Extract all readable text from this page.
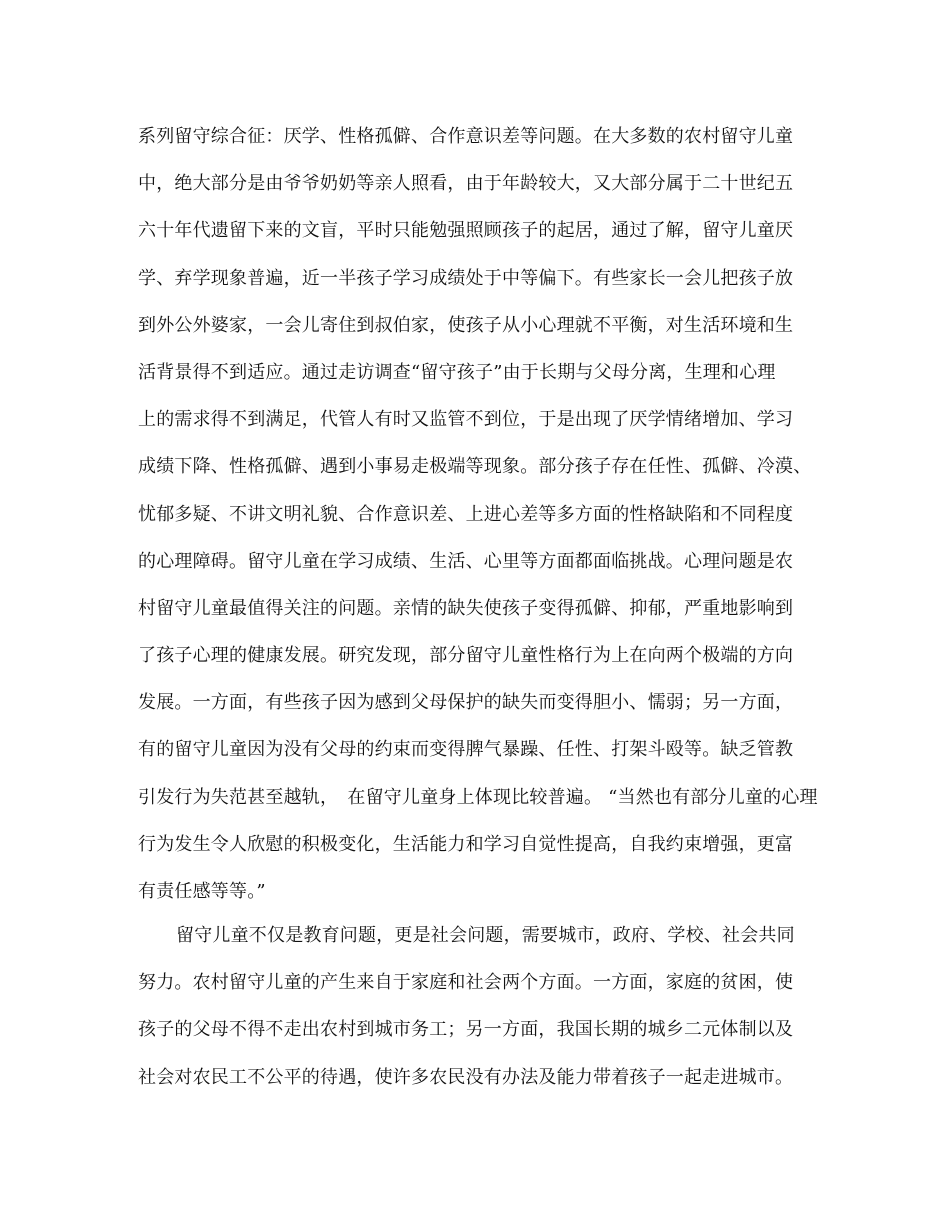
系列留守综合征：厌学、性格孤僻、合作意识差等问题。在大多数的农村留守儿童
中，绝大部分是由爷爷奶奶等亲人照看，由于年龄较大，又大部分属于二十世纪五
六十年代遗留下来的文盲，平时只能勉强照顾孩子的起居，通过了解，留守儿童厌
学、弃学现象普遍，近一半孩子学习成绩处于中等偏下。有些家长一会儿把孩子放
到外公外婆家，一会儿寄住到叔伯家，使孩子从小心理就不平衡，对生活环境和生
活背景得不到适应。通过走访调查“留守孩子”由于长期与父母分离，生理和心理
上的需求得不到满足，代管人有时又监管不到位，于是出现了厌学情绪增加、学习
成绩下降、性格孤僻、遇到小事易走极端等现象。部分孩子存在任性、孤僻、冷漠、
忧郁多疑、不讲文明礼貌、合作意识差、上进心差等多方面的性格缺陷和不同程度
的心理障碍。留守儿童在学习成绩、生活、心里等方面都面临挑战。心理问题是农
村留守儿童最值得关注的问题。亲情的缺失使孩子变得孤僻、抑郁，严重地影响到
了孩子心理的健康发展。研究发现，部分留守儿童性格行为上在向两个极端的方向
发展。一方面，有些孩子因为感到父母保护的缺失而变得胆小、懦弱；另一方面，
有的留守儿童因为没有父母的约束而变得脾气暴躁、任性、打架斗殴等。缺乏管教
引发行为失范甚至越轨，　在留守儿童身上体现比较普遍。 “当然也有部分儿童的心理
行为发生令人欣慰的积极变化，生活能力和学习自觉性提高，自我约束增强，更富
有责任感等等。”
留守儿童不仅是教育问题，更是社会问题，需要城市，政府、学校、社会共同
努力。农村留守儿童的产生来自于家庭和社会两个方面。一方面，家庭的贫困，使
孩子的父母不得不走出农村到城市务工；另一方面，我国长期的城乡二元体制以及
社会对农民工不公平的待遇，使许多农民没有办法及能力带着孩子一起走进城市。
